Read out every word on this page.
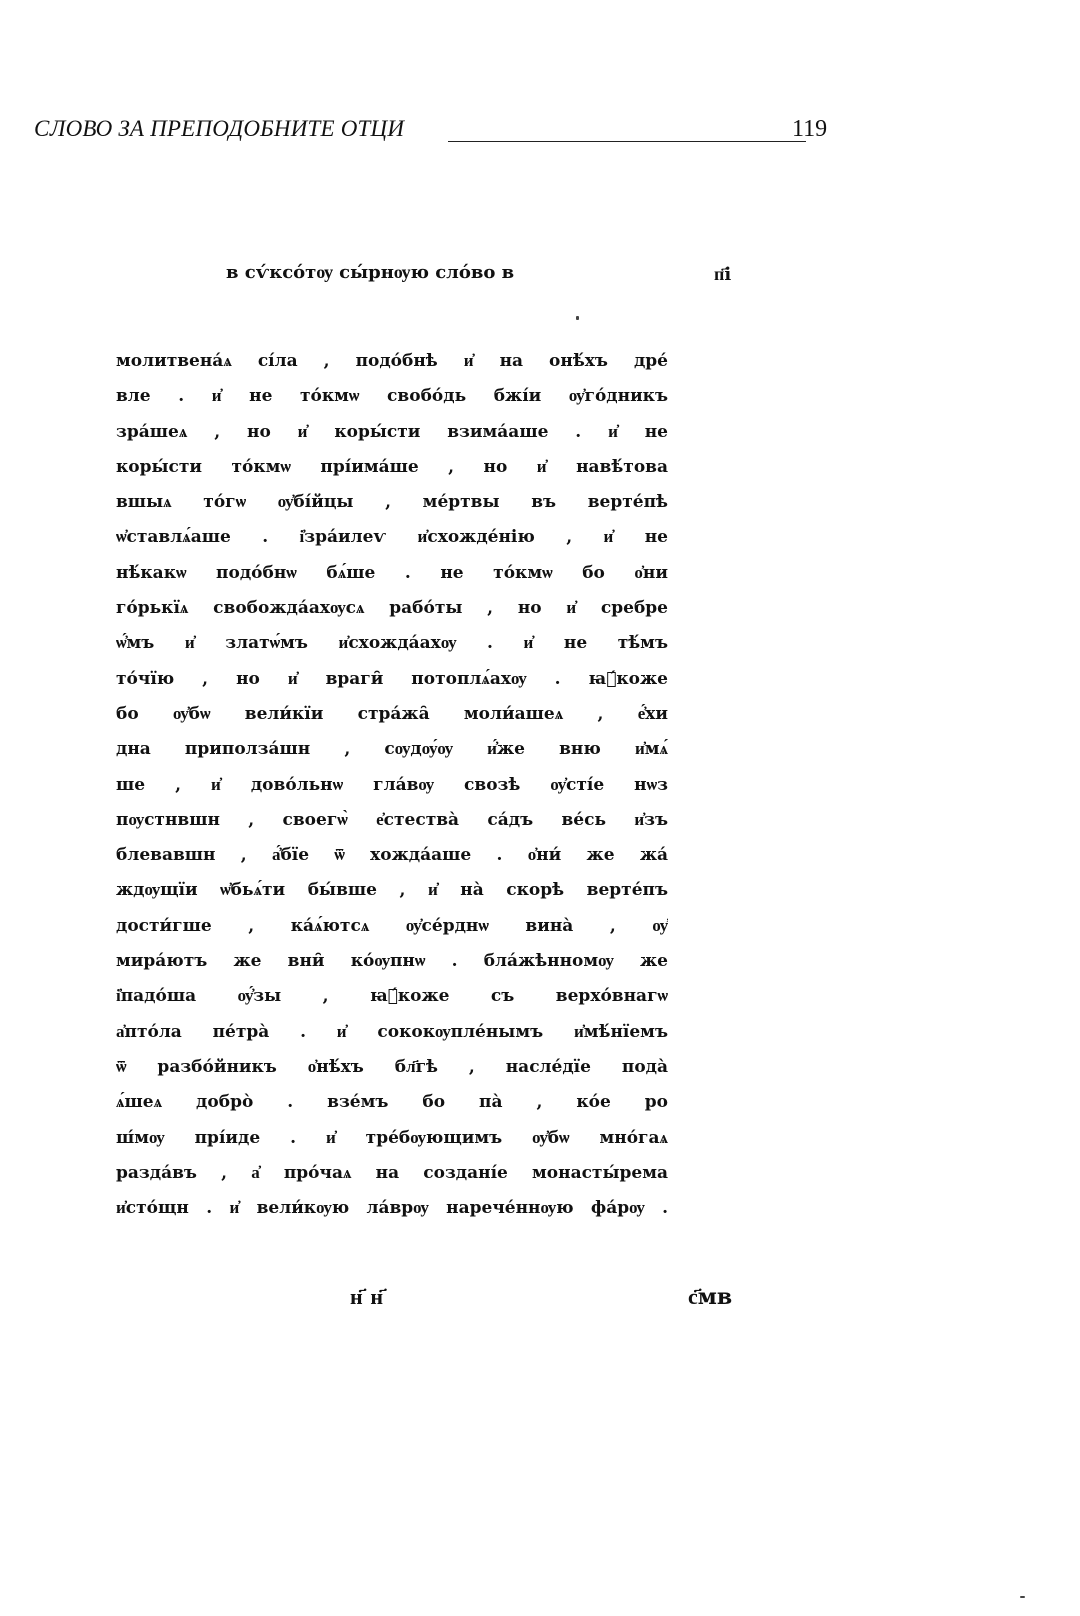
СЛОВО ЗА ПРЕПОДОБНИТЕ ОТЦИ	119
в сѵ́ксо́тѹ сы́рнѹю сло́во в	п҃і
молитвена́ѧ сі́ла , подо́бнѣ и҆ на онѣ́хъ дре́
вле . и҆ не то́кмѡ свобо́дь бжі́и ѹ҆го́дникъ
зра́шеѧ , но и҆ коры́сти взима́аше . и҆ не
коры́сти то́кмѡ прі́има́ше , но и҆ навѣ́това
вшыѧ то́гѡ ѹ҆бі́йцы , ме́ртвы въ верте́пѣ
ѡ҆ставлѧ́аше . і҆зра́илеѵ и҆схожде́нію , и҆ не
нѣ́какѡ подо́бнѡ бѧ́ше . не то́кмѡ бо о҆ни
го́рькїѧ свобожда́ахѹсѧ рабо́ты , но и҆ сребре
ѡ҆́мъ и҆ златѡ́мъ и҆схожда́ахѹ . и҆ не тѣ́мъ
то́чїю , но и҆ враги̑ потоплѧ́ахѹ . ꙗ҆́коже
бо ѹ҆бѡ вели́кїи стра́жа̑ моли́ашеѧ , е҆́хи
дна приполза́шн , сѹдѹ́ѹ и҆́же вню и҆мѧ́
ше , и҆ дово́льнѡ гла́вѹ свозѣ ѹ҆сті́е нѡз
пѹстнвшн , своегѡ̀ е҆стества̀ са́дъ ве́сь и҆зъ
блевавшн , а҆́бїе ѿ хожда́аше . о҆ни́ же жа́
ждѹщїи ѡ҆бьѧ́ти бы́вше , и҆ на̀ скорѣ верте́пъ
дости́гше , ка́ѧ́ютсѧ ѹ҆се́рднѡ вина̀ , ѹ҆
мира́ютъ же вни̑ ко́ѹпнѡ . бла́жѣнномѹ же
і҆падо́ша ѹ҆́зы , ꙗ҆́коже съ верхо́внагѡ
а҆пто́ла пе́тра̀ . и҆ сококѹпле́нымъ и҆мѣ́нїемъ
ѿ разбо́йникъ о҆нѣ́хъ бл҃гѣ , насле́дїе пода̀
ѧ́шеѧ добро̀ . взе́мъ бо па̀ , ко́е ро
ш́мѹ прі́иде . и҆ тре́бѹющимъ ѹ҆бѡ мно́гаѧ
разда́въ , а҆ про́чаѧ на создані́е монасты́рема
и҆сто́щн . и҆ вели́кѹю ла́врѹ нарече́ннѹю фа́рѹ .
н҃ н҃	с҃мв
